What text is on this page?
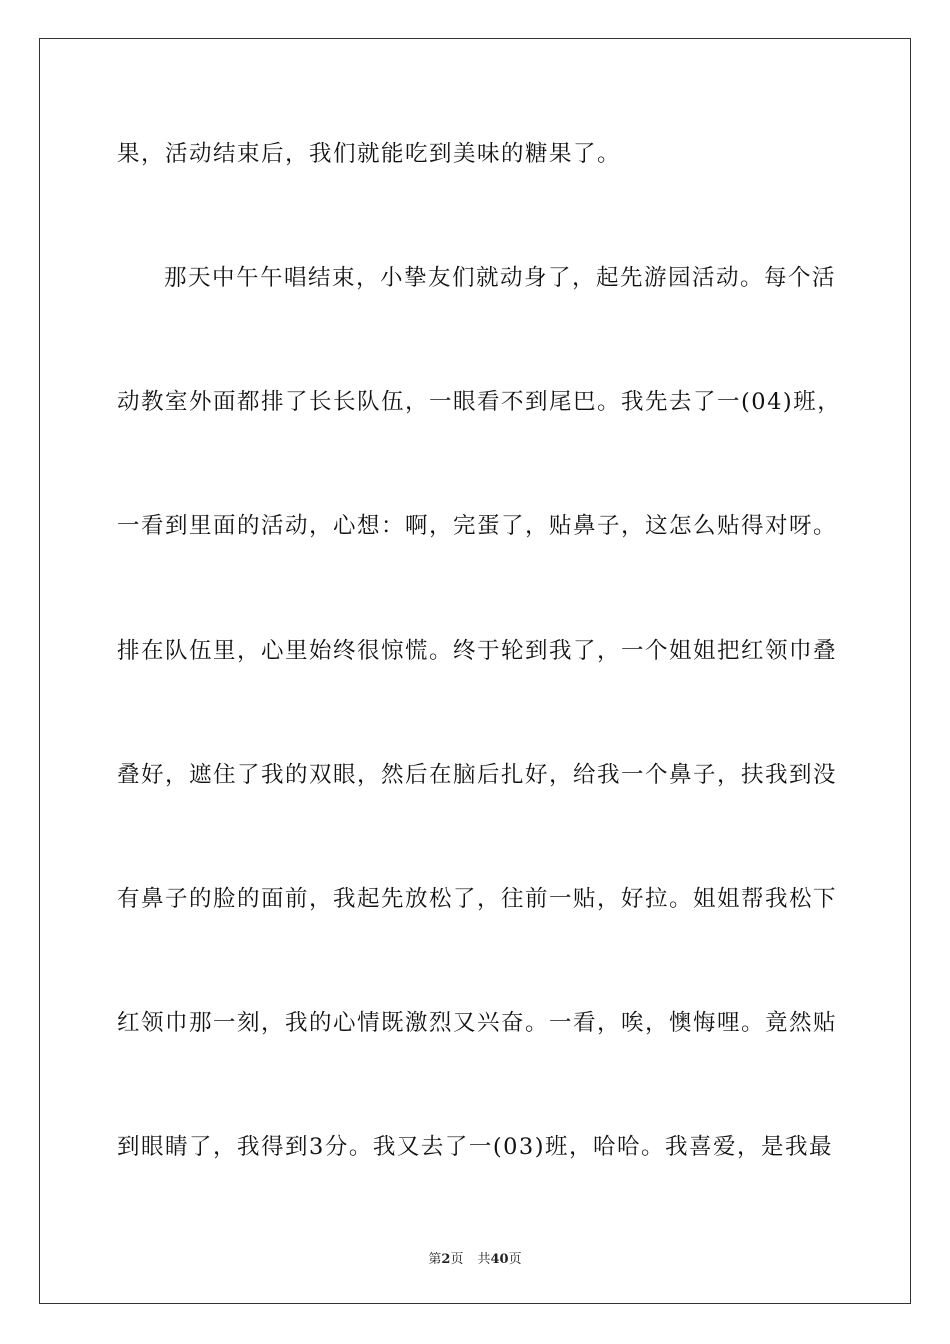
果，活动结束后，我们就能吃到美味的糖果了。
那天中午午唱结束，小挚友们就动身了，起先游园活动。每个活
动教室外面都排了长长队伍，一眼看不到尾巴。我先去了一(04)班，
一看到里面的活动，心想：啊，完蛋了，贴鼻子，这怎么贴得对呀。
排在队伍里，心里始终很惊慌。终于轮到我了，一个姐姐把红领巾叠
叠好，遮住了我的双眼，然后在脑后扎好，给我一个鼻子，扶我到没
有鼻子的脸的面前，我起先放松了，往前一贴，好拉。姐姐帮我松下
红领巾那一刻，我的心情既激烈又兴奋。一看，唉，懊悔哩。竟然贴
到眼睛了，我得到3分。我又去了一(03)班，哈哈。我喜爱，是我最
第2页 共40页
